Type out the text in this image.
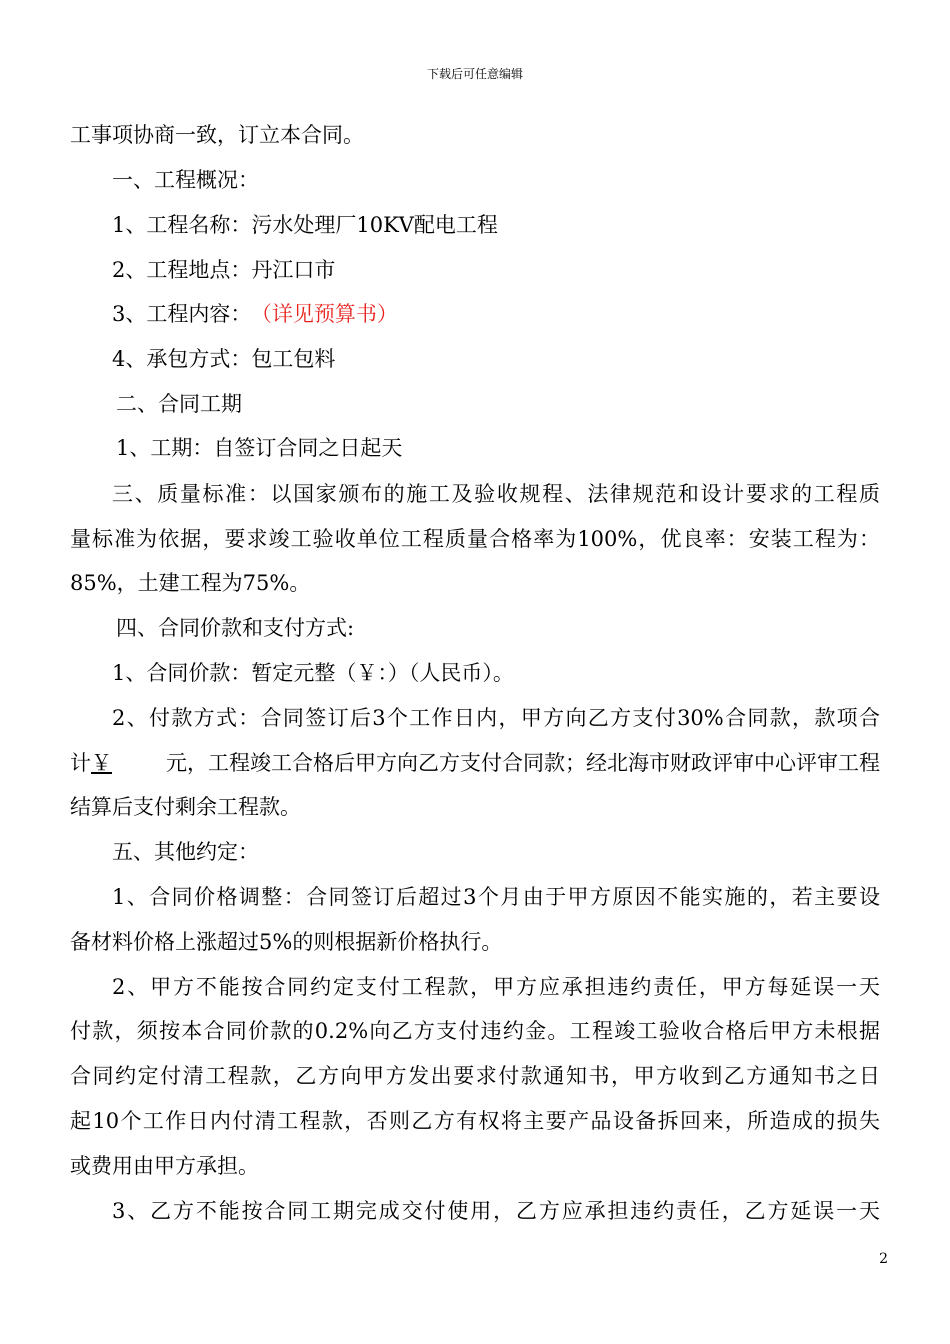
下载后可任意编辑
工事项协商一致，订立本合同。
一、工程概况：
1、工程名称：污水处理厂10KV配电工程
2、工程地点：丹江口市
3、工程内容： （详见预算书）
4、承包方式：包工包料
二、合同工期
1、工期：自签订合同之日起天
三、质量标准：以国家颁布的施工及验收规程、法律规范和设计要求的工程质
量标准为依据，要求竣工验收单位工程质量合格率为100%，优良率：安装工程为：
85%，土建工程为75%。
四、合同价款和支付方式:
1、合同价款：暂定元整（￥：）（人民币）。
2、付款方式：合同签订后3个工作日内，甲方向乙方支付30%合同款，款项合
计￥	元，工程竣工合格后甲方向乙方支付合同款；经北海市财政评审中心评审工程
结算后支付剩余工程款。
五、其他约定：
1、合同价格调整：合同签订后超过3个月由于甲方原因不能实施的，若主要设
备材料价格上涨超过5%的则根据新价格执行。
2、甲方不能按合同约定支付工程款，甲方应承担违约责任，甲方每延误一天
付款，须按本合同价款的0.2%向乙方支付违约金。工程竣工验收合格后甲方未根据
合同约定付清工程款，乙方向甲方发出要求付款通知书，甲方收到乙方通知书之日
起10个工作日内付清工程款，否则乙方有权将主要产品设备拆回来，所造成的损失
或费用由甲方承担。
3、乙方不能按合同工期完成交付使用，乙方应承担违约责任，乙方延误一天
2
